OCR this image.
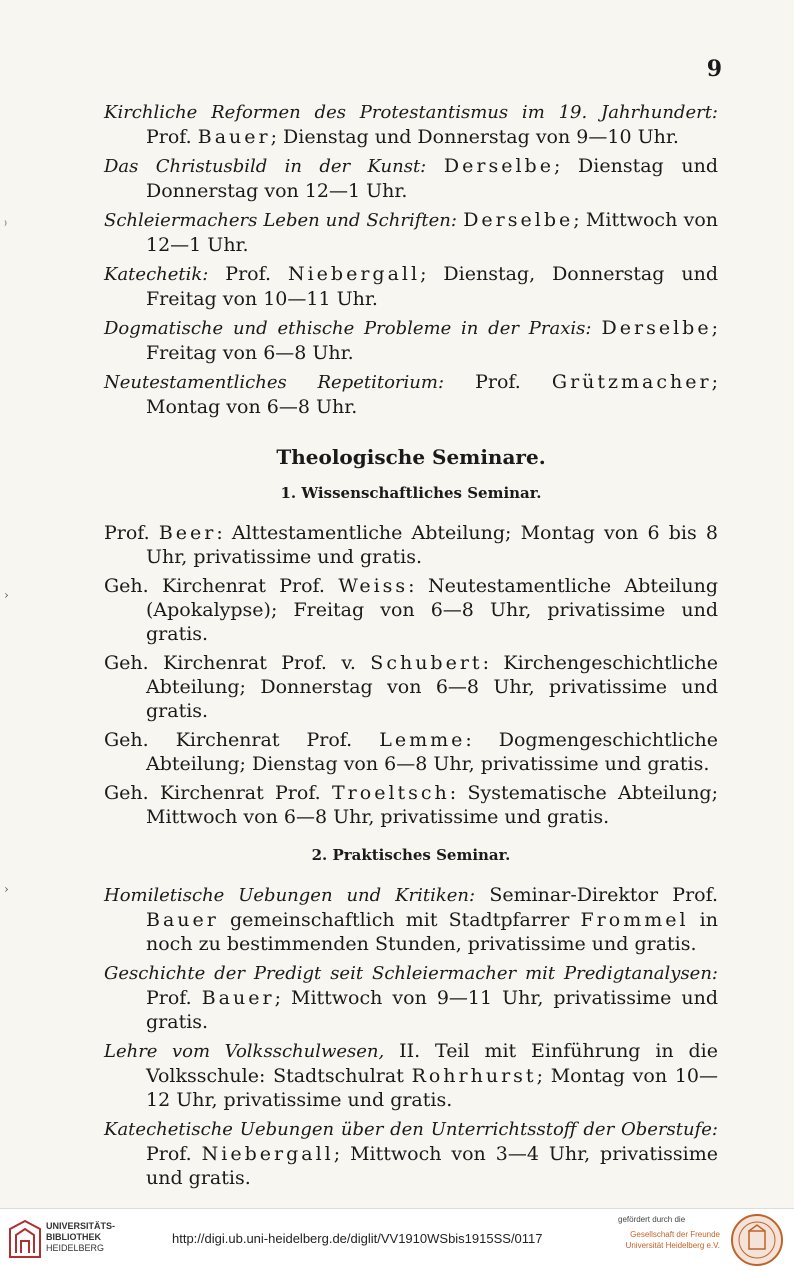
9

Kirchliche Reformen des Protestantismus im 19. Jahrhundert: Prof. Bauer; Dienstag und Donnerstag von 9—10 Uhr.

Das Christusbild in der Kunst: Derselbe; Dienstag und Donnerstag von 12—1 Uhr.

Schleiermachers Leben und Schriften: Derselbe; Mittwoch von 12—1 Uhr.

Katechetik: Prof. Niebergall; Dienstag, Donnerstag und Freitag von 10—11 Uhr.

Dogmatische und ethische Probleme in der Praxis: Derselbe; Freitag von 6—8 Uhr.

Neutestamentliches Repetitorium: Prof. Grützmacher; Montag von 6—8 Uhr.

Theologische Seminare.

1. Wissenschaftliches Seminar.

Prof. Beer: Alttestamentliche Abteilung; Montag von 6 bis 8 Uhr, privatissime und gratis.

Geh. Kirchenrat Prof. Weiss: Neutestamentliche Abteilung (Apokalypse); Freitag von 6—8 Uhr, privatissime und gratis.

Geh. Kirchenrat Prof. v. Schubert: Kirchengeschichtliche Abteilung; Donnerstag von 6—8 Uhr, privatissime und gratis.

Geh. Kirchenrat Prof. Lemme: Dogmengeschichtliche Abteilung; Dienstag von 6—8 Uhr, privatissime und gratis.

Geh. Kirchenrat Prof. Troeltsch: Systematische Abteilung; Mittwoch von 6—8 Uhr, privatissime und gratis.

2. Praktisches Seminar.

Homiletische Uebungen und Kritiken: Seminar-Direktor Prof. Bauer gemeinschaftlich mit Stadtpfarrer Frommel in noch zu bestimmenden Stunden, privatissime und gratis.

Geschichte der Predigt seit Schleiermacher mit Predigtanalysen: Prof. Bauer; Mittwoch von 9—11 Uhr, privatissime und gratis.

Lehre vom Volksschulwesen, II. Teil mit Einführung in die Volksschule: Stadtschulrat Rohrhurst; Montag von 10—12 Uhr, privatissime und gratis.

Katechetische Uebungen über den Unterrichtsstoff der Oberstufe: Prof. Niebergall; Mittwoch von 3—4 Uhr, privatissime und gratis.

⁾
›
›
UNIVERSITÄTS-
BIBLIOTHEK
HEIDELBERG
http://digi.ub.uni-heidelberg.de/diglit/VV1910WSbis1915SS/0117
gefördert durch die
Gesellschaft der Freunde
Universität Heidelberg e.V.
